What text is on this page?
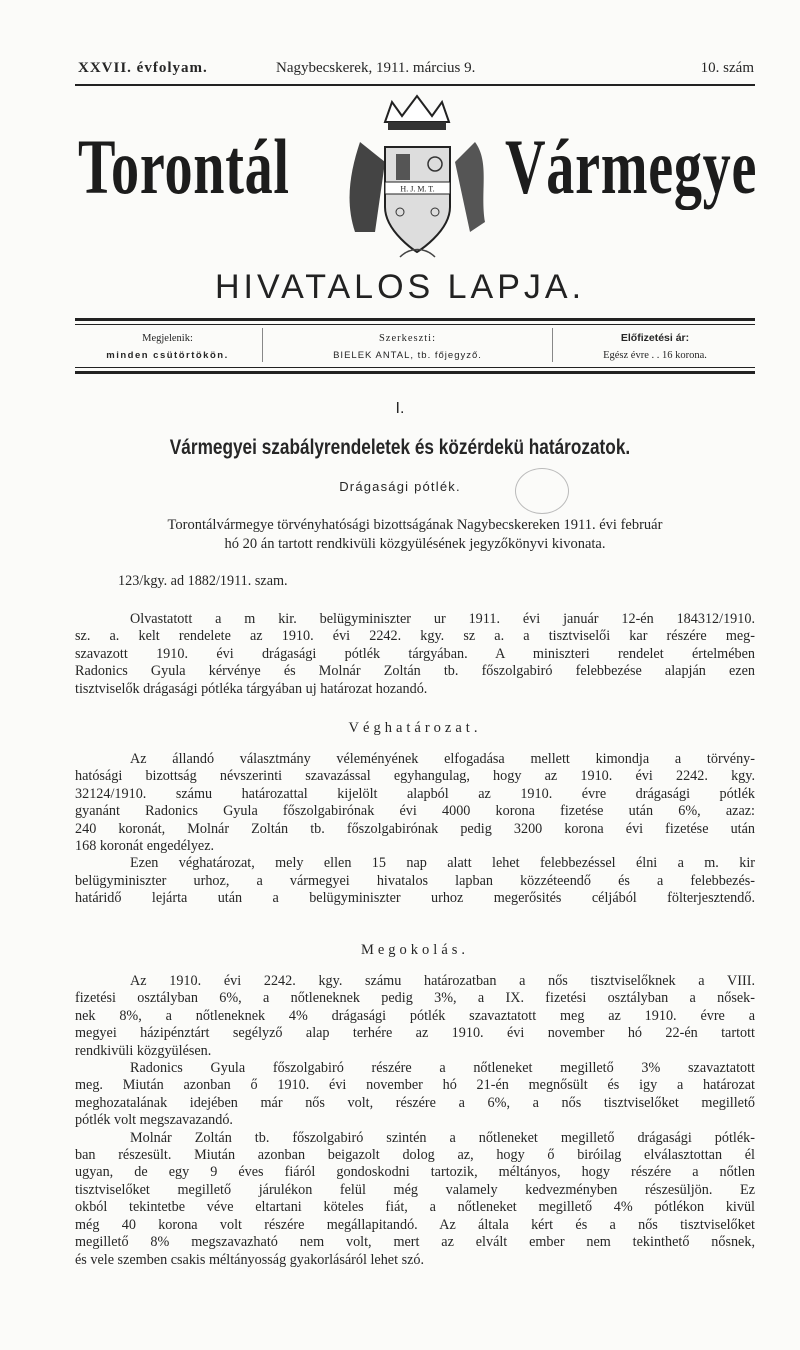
XXVII. évfolyam.	Nagybecskerek, 1911. március 9.	10. szám
Torontál	Vármegye
H. J. M. T.
HIVATALOS LAPJA.
Megjelenik:
minden csütörtökön.
Szerkeszti:
BIELEK ANTAL, tb. főjegyző.
Előfizetési ár:
Egész évre . . 16 korona.
I.
Vármegyei szabályrendeletek és közérdekü határozatok.
Drágasági pótlék.
Torontálvármegye törvényhatósági bizottságának Nagybecskereken 1911. évi február
hó 20 án tartott rendkivüli közgyülésének jegyzőkönyvi kivonata.
123/kgy. ad 1882/1911. szam.
Olvastatott a m kir. belügyminiszter ur 1911. évi január 12-én 184312/1910.
sz. a. kelt rendelete az 1910. évi 2242. kgy. sz a. a tisztviselői kar részére meg-
szavazott 1910. évi drágasági pótlék tárgyában. A miniszteri rendelet értelmében
Radonics Gyula kérvénye és Molnár Zoltán tb. főszolgabiró felebbezése alapján ezen
tisztviselők drágasági pótléka tárgyában uj határozat hozandó.
Véghatározat.
Az állandó választmány véleményének elfogadása mellett kimondja a törvény-
hatósági bizottság névszerinti szavazással egyhangulag, hogy az 1910. évi 2242. kgy.
32124/1910. számu határozattal kijelölt alapból az 1910. évre drágasági pótlék
gyanánt Radonics Gyula főszolgabirónak évi 4000 korona fizetése után 6%, azaz:
240 koronát, Molnár Zoltán tb. főszolgabirónak pedig 3200 korona évi fizetése után
168 koronát engedélyez.
Ezen véghatározat, mely ellen 15 nap alatt lehet felebbezéssel élni a m. kir
belügyminiszter urhoz, a vármegyei hivatalos lapban közzéteendő és a felebbezés-
határidő lejárta után a belügyminiszter urhoz megerősités céljából fölterjesztendő.
Megokolás.
Az 1910. évi 2242. kgy. számu határozatban a nős tisztviselőknek a VIII.
fizetési osztályban 6%, a nőtleneknek pedig 3%, a IX. fizetési osztályban a nősek-
nek 8%, a nőtleneknek 4% drágasági pótlék szavaztatott meg az 1910. évre a
megyei házipénztárt segélyző alap terhére az 1910. évi november hó 22-én tartott
rendkivüli közgyülésen.
Radonics Gyula főszolgabiró részére a nőtleneket megillető 3% szavaztatott
meg. Miután azonban ő 1910. évi november hó 21-én megnősült és igy a határozat
meghozatalának idejében már nős volt, részére a 6%, a nős tisztviselőket megillető
pótlék volt megszavazandó.
Molnár Zoltán tb. főszolgabiró szintén a nőtleneket megillető drágasági pótlék-
ban részesült. Miután azonban beigazolt dolog az, hogy ő biróilag elválasztottan él
ugyan, de egy 9 éves fiáról gondoskodni tartozik, méltányos, hogy részére a nőtlen
tisztviselőket megillető járulékon felül még valamely kedvezményben részesüljön. Ez
okból tekintetbe véve eltartani köteles fiát, a nőtleneket megillető 4% pótlékon kivül
még 40 korona volt részére megállapitandó. Az általa kért és a nős tisztviselőket
megillető 8% megszavazható nem volt, mert az elvált ember nem tekinthető nősnek,
és vele szemben csakis méltányosság gyakorlásáról lehet szó.
